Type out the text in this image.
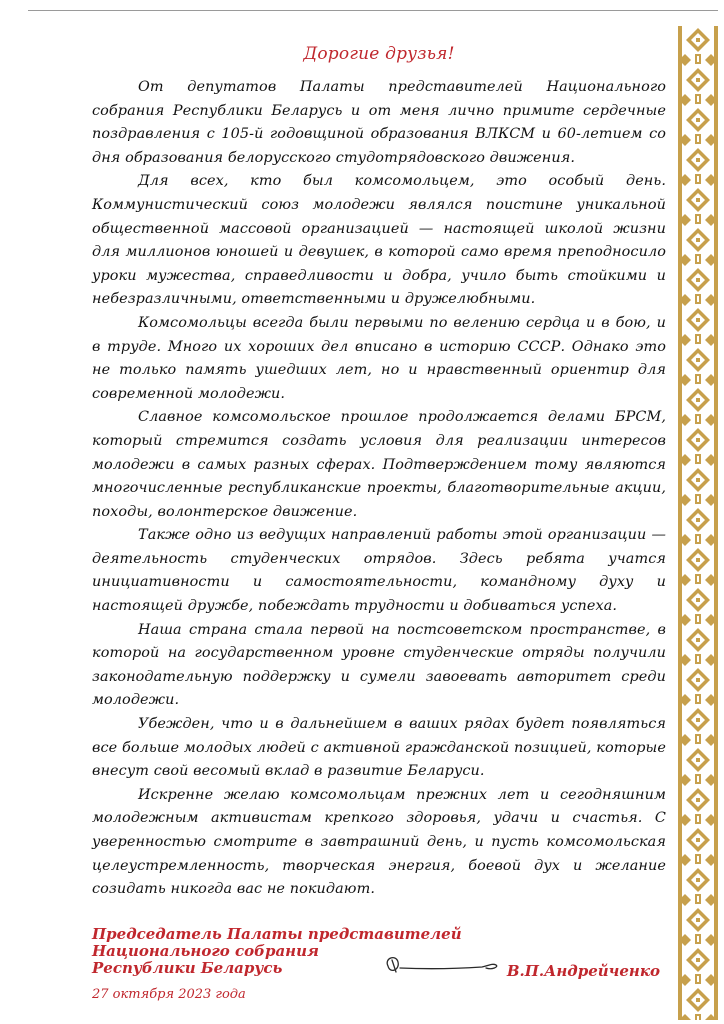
Дорогие друзья!

От депутатов Палаты представителей Национального собрания Республики Беларусь и от меня лично примите сердечные поздравления с 105-й годовщиной образования ВЛКСМ и 60-летием со дня образования белорусского студотрядовского движения.

Для всех, кто был комсомольцем, это особый день. Коммунистический союз молодежи являлся поистине уникальной общественной массовой организацией — настоящей школой жизни для миллионов юношей и девушек, в которой само время преподносило уроки мужества, справедливости и добра, учило быть стойкими и небезразличными, ответственными и дружелюбными.

Комсомольцы всегда были первыми по велению сердца и в бою, и в труде. Много их хороших дел вписано в историю СССР. Однако это не только память ушедших лет, но и нравственный ориентир для современной молодежи.

Славное комсомольское прошлое продолжается делами БРСМ, который стремится создать условия для реализации интересов молодежи в самых разных сферах. Подтверждением тому являются многочисленные республиканские проекты, благотворительные акции, походы, волонтерское движение.

Также одно из ведущих направлений работы этой организации — деятельность студенческих отрядов. Здесь ребята учатся инициативности и самостоятельности, командному духу и настоящей дружбе, побеждать трудности и добиваться успеха.

Наша страна стала первой на постсоветском пространстве, в которой на государственном уровне студенческие отряды получили законодательную поддержку и сумели завоевать авторитет среди молодежи.

Убежден, что и в дальнейшем в ваших рядах будет появляться все больше молодых людей с активной гражданской позицией, которые внесут свой весомый вклад в развитие Беларуси.

Искренне желаю комсомольцам прежних лет и сегодняшним молодежным активистам крепкого здоровья, удачи и счастья. С уверенностью смотрите в завтрашний день, и пусть комсомольская целеустремленность, творческая энергия, боевой дух и желание созидать никогда вас не покидают.

Председатель Палаты представителей
Национального собрания
Республики Беларусь	В.П.Андрейченко
27 октября 2023 года
